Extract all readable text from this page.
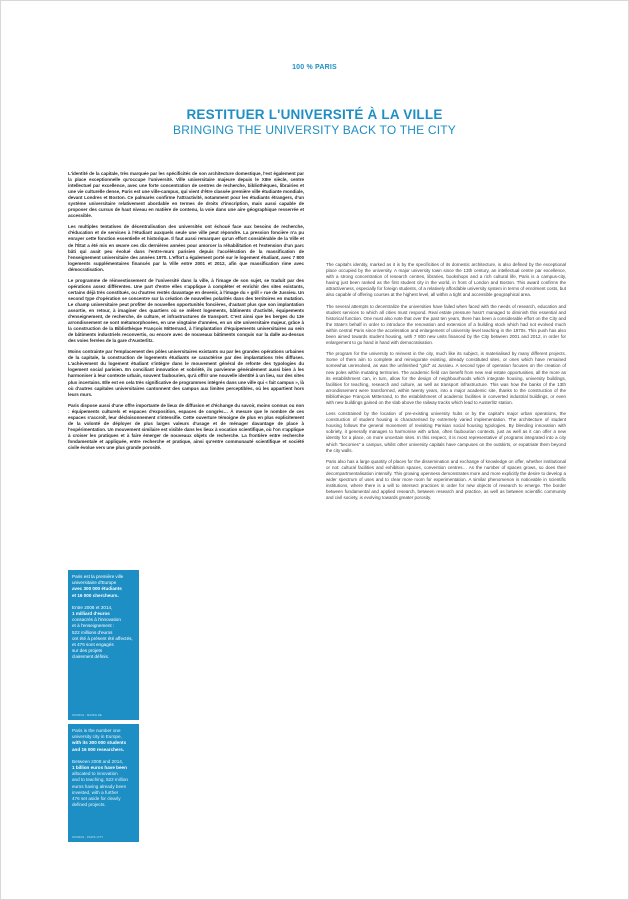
100 % PARIS
RESTITUER L'UNIVERSITÉ À LA VILLE
BRINGING THE UNIVERSITY BACK TO THE CITY

L'identité de la capitale, très marquée par les spécificités de son architecture domestique, l'est également par la place exceptionnelle qu'occupe l'université. Ville universitaire majeure depuis le XIIIe siècle, centre intellectuel par excellence, avec une forte concentration de centres de recherche, bibliothèques, librairies et une vie culturelle dense, Paris est une ville-campus, qui vient d'être classée première ville étudiante mondiale, devant Londres et Boston. Ce palmarès confirme l'attractivité, notamment pour les étudiants étrangers, d'un système universitaire relativement abordable en termes de droits d'inscription, mais aussi capable de proposer des cursus de haut niveau en matière de contenu, la voie dans une aire géographique resserrée et accessible.

Les multiples tentatives de décentralisation des universités ont échoué face aux besoins de recherche, d'éducation et de services à l'étudiant auxquels seule une ville peut répondre. La pression foncière n'a pu enrayer cette fonction essentielle et historique. Il faut aussi remarquer qu'un effort considérable de la Ville et de l'État a été mis en œuvre ces dix dernières années pour amorcer la réhabilitation et l'extension d'un parc bâti qui avait peu évolué dans l'entre-murs parisien depuis l'accélération de la massification de l'enseignement universitaire des années 1970. L'effort a également porté sur le logement étudiant, avec 7 800 logements supplémentaires financés par la Ville entre 2001 et 2012, afin que massification rime avec démocratisation.

Le programme de réinvestissement de l'université dans la ville, à l'image de son sujet, se traduit par des opérations assez différentes. Une part d'entre elles s'applique à compléter et enrichir des sites existants, certains déjà très constitués, ou d'autres restés davantage en devenir, à l'image du « grill » rue de Jussieu. Un second type d'opération se concentre sur la création de nouvelles polarités dans des territoires en mutation. Le champ universitaire peut profiter de nouvelles opportunités foncières, d'autant plus que son implantation assortie, en retour, à imaginer des quartiers où se mêlent logements, bâtiments d'activité, équipements d'enseignement, de recherche, de culture, et infrastructures de transport. C'est ainsi que les berges du 13e arrondissement se sont métamorphosées, en une vingtaine d'années, en un site universitaire majeur, grâce à la construction de la Bibliothèque François Mitterrand, à l'implantation d'équipements universitaires au sein de bâtiments industriels reconvertis, ou encore avec de nouveaux bâtiments conquis sur la dalle au-dessus des voies ferrées de la gare d'Austerlitz.

Moins contrainte par l'emplacement des pôles universitaires existants ou par les grandes opérations urbaines de la capitale, la construction de logements étudiants se caractérise par des implantations très diffuses. L'achèvement du logement étudiant s'intègre dans le mouvement général de refonte des typologies du logement social parisien. En conciliant innovation et sobriété, ils parvienne généralement aussi bien à les harmoniser à leur contexte urbain, souvent faubourien, qu'à offrir une nouvelle identité à un lieu, sur des sites plus incertains. Elle est en cela très significative de programmes intégrés dans une ville qui « fait campus », là où d'autres capitales universitaires cantonnent des campus aux limites perceptibles, où les appartient hors leurs murs.

Paris dispose aussi d'une offre importante de lieux de diffusion et d'échange du savoir, moins connus ou non : équipements culturels et espaces d'exposition, espaces de congrès… À mesure que le nombre de ces espaces s'accroît, leur décloisonnement s'intensifie. Cette ouverture témoigne de plus en plus explicitement de la volonté de déployer de plus larges valeurs d'usage et de ménager davantage de place à l'expérimentation. Un mouvement similaire est visible dans les lieux à vocation scientifique, où l'on s'applique à croiser les pratiques et à faire émerger de nouveaux objets de recherche. La frontière entre recherche fondamentale et appliquée, entre recherche et pratique, ainsi qu'entre communauté scientifique et société civile évolue vers une plus grande porosité.

The capital's identity, marked as it is by the specificities of its domestic architecture, is also defined by the exceptional place occupied by the university. A major university town since the 13th century, an intellectual centre par excellence, with a strong concentration of research centres, libraries, bookshops and a rich cultural life, Paris is a campus-city, having just been ranked as the first student city in the world, in front of London and Boston. This award confirms the attractiveness, especially for foreign students, of a relatively affordable university system in terms of enrolment costs, but also capable of offering courses at the highest level, all within a tight and accessible geographical area.

The several attempts to decentralize the universities have failed when faced with the needs of research, education and student services to which all cities must respond. Real estate pressure hasn't managed to diminish this essential and historical function. One must also note that over the past ten years, there has been a considerable effort on the City and the State's behalf in order to introduce the renovation and extension of a building stock which had not evolved much within central Paris since the acceleration and enlargement of university level teaching in the 1970s. This push has also been aimed towards student housing, with 7 800 new units financed by the City between 2001 and 2012, in order for enlargement to go hand in hand with democratisation.

The program for the university to reinvest in the city, much like its subject, is materialised by many different projects. Some of them aim to complete and reinvigorate existing, already constituted sites, or ones which have remained somewhat unresolved, as was the unfinished "grid" at Jussieu. A second type of operation focuses on the creation of new poles within mutating territories. The academic field can benefit from new real estate opportunities, all the more as its establishment can, in turn, allow for the design of neighbourhoods which integrate housing, university buildings, facilities for teaching, research and culture, as well as transport infrastructure. This was how the banks of the 13th arrondissement were transformed, within twenty years, into a major academic site, thanks to the construction of the Bibliothèque François Mitterrand, to the establishment of academic facilities in converted industrial buildings, or even with new buildings gained on the slab above the railway tracks which lead to Austerlitz station.

Less constrained by the location of pre-existing university hubs or by the capital's major urban operations, the construction of student housing is characterised by extremely varied implementation. The architecture of student housing follows the general movement of revisiting Parisian social housing typologies. By blending innovation with sobriety, it generally manages to harmonise with urban, often faubourian contexts, just as well as it can offer a new identity for a place, on more uncertain sites. In this respect, it is most representative of programs integrated into a city which "becomes" a campus, whilst other university capitals have campuses on the outskirts, or expatriate them beyond the city walls.

Paris also has a large quantity of places for the dissemination and exchange of knowledge on offer, whether institutional or not: cultural facilities and exhibition spaces, convention centres… As the number of spaces grows, so does their decompartmentalisation intensify. This growing openness demonstrates more and more explicitly the desire to develop a wider spectrum of uses and to clear more room for experimentation. A similar phenomenon is noticeable in scientific institutions, where there is a will to intersect practices in order for new objects of research to emerge. The border between fundamental and applied research, between research and practice, as well as between scientific community and civil society, is evolving towards greater porosity.

Paris est la première ville
universitaire d'Europe
avec 300 000 étudiants
et 16 000 chercheurs.
Entre 2008 et 2014,
1 milliard d'euros
consacrés à l'innovation
et à l'enseignement :
522 millions d'euros
ont été à présent été affectés,
et 476 sont engagés
sur des projets
clairement définis.
SOURCE : MAIRIE DE
Paris is the number one
university city in Europe,
with its 300 000 students
and 16 000 researchers.
Between 2008 and 2014,
1 billion euros have been
allocated to innovation
and to teaching, 522 million
euros having already been
invested, with a further
476 set aside for clearly
defined projects.
SOURCE : PARIS CITY
